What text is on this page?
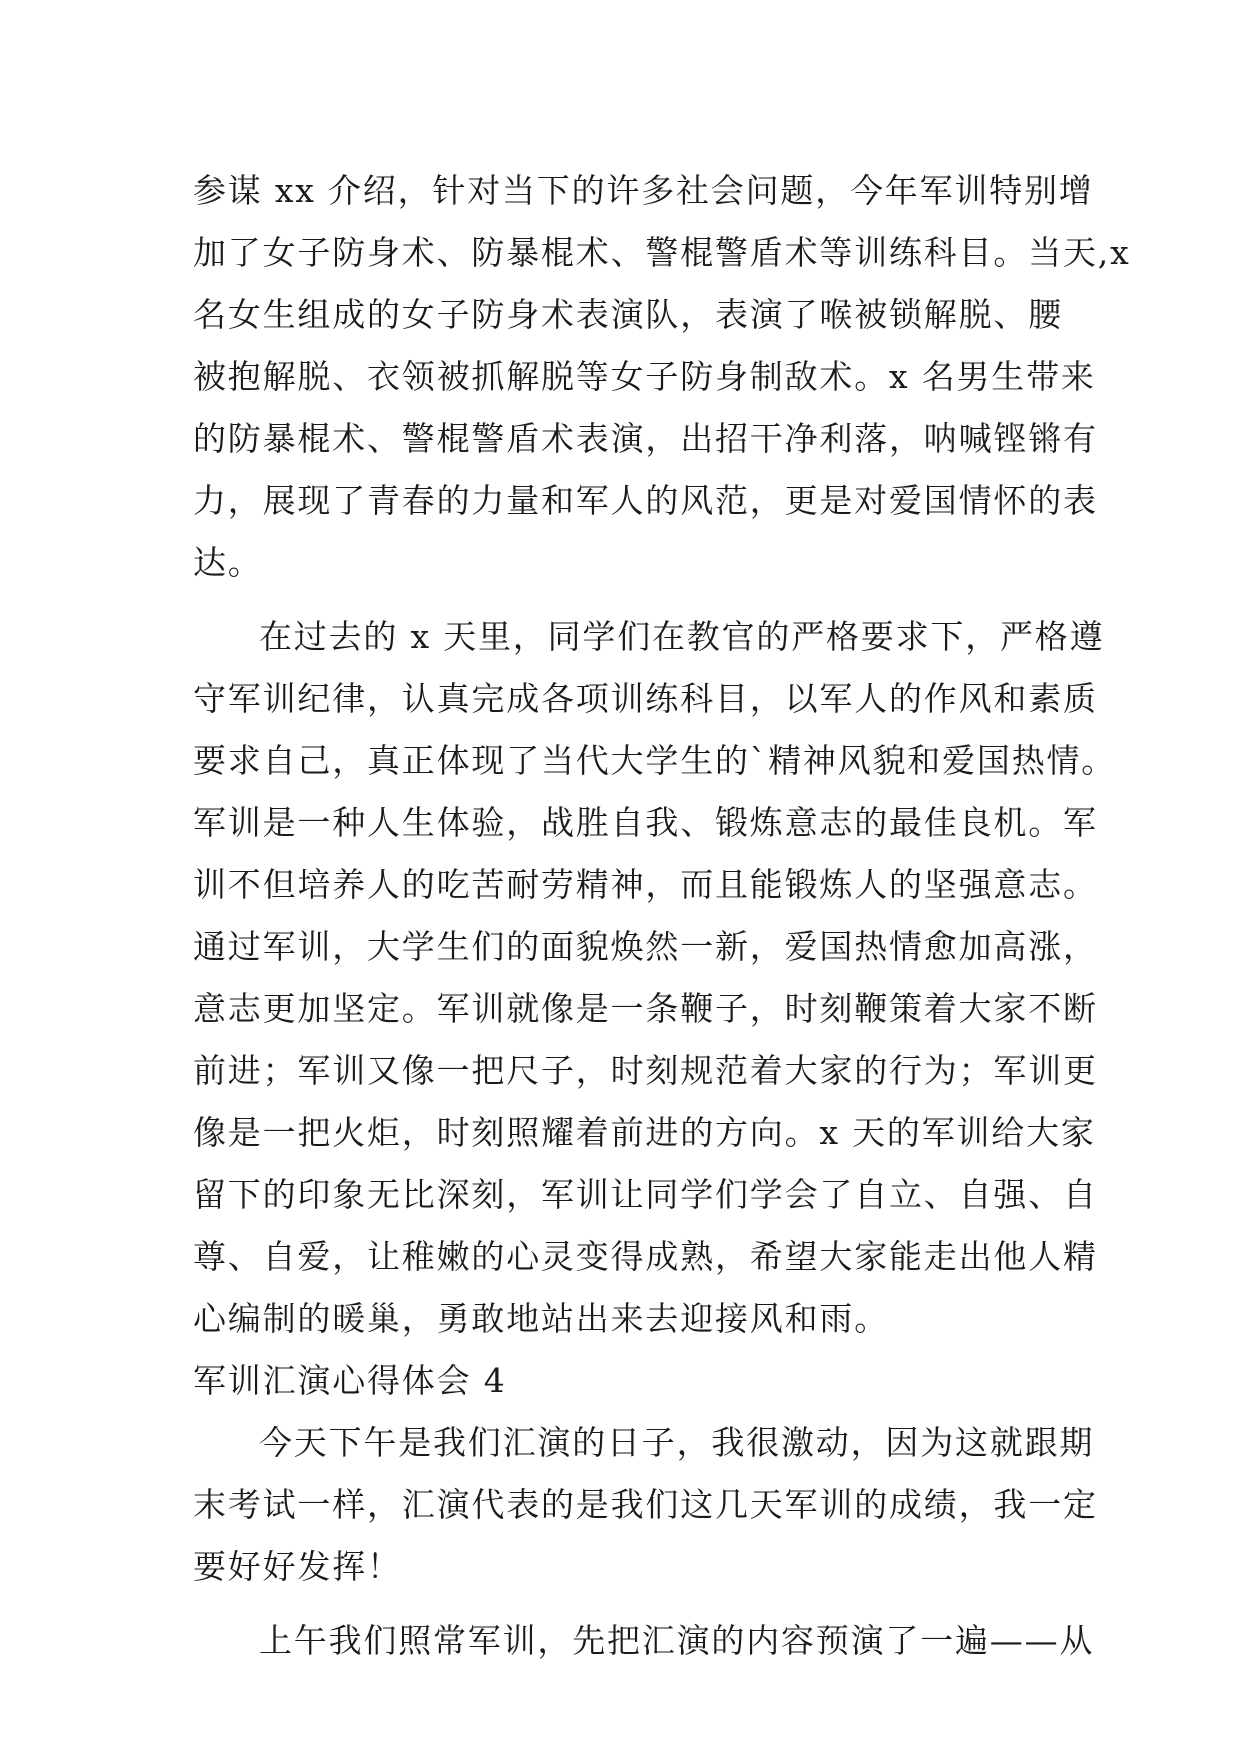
参谋 xx 介绍，针对当下的许多社会问题，今年军训特别增
加了女子防身术、防暴棍术、警棍警盾术等训练科目。当天,x
名女生组成的女子防身术表演队，表演了喉被锁解脱、腰
被抱解脱、衣领被抓解脱等女子防身制敌术。x 名男生带来
的防暴棍术、警棍警盾术表演，出招干净利落，呐喊铿锵有
力，展现了青春的力量和军人的风范，更是对爱国情怀的表
达。
在过去的 x 天里，同学们在教官的严格要求下，严格遵
守军训纪律，认真完成各项训练科目，以军人的作风和素质
要求自己，真正体现了当代大学生的`精神风貌和爱国热情。
军训是一种人生体验，战胜自我、锻炼意志的最佳良机。军
训不但培养人的吃苦耐劳精神，而且能锻炼人的坚强意志。
通过军训，大学生们的面貌焕然一新，爱国热情愈加高涨，
意志更加坚定。军训就像是一条鞭子，时刻鞭策着大家不断
前进；军训又像一把尺子，时刻规范着大家的行为；军训更
像是一把火炬，时刻照耀着前进的方向。x 天的军训给大家
留下的印象无比深刻，军训让同学们学会了自立、自强、自
尊、自爱，让稚嫩的心灵变得成熟，希望大家能走出他人精
心编制的暖巢，勇敢地站出来去迎接风和雨。
军训汇演心得体会 4
今天下午是我们汇演的日子，我很激动，因为这就跟期
末考试一样，汇演代表的是我们这几天军训的成绩，我一定
要好好发挥！
上午我们照常军训，先把汇演的内容预演了一遍——从
